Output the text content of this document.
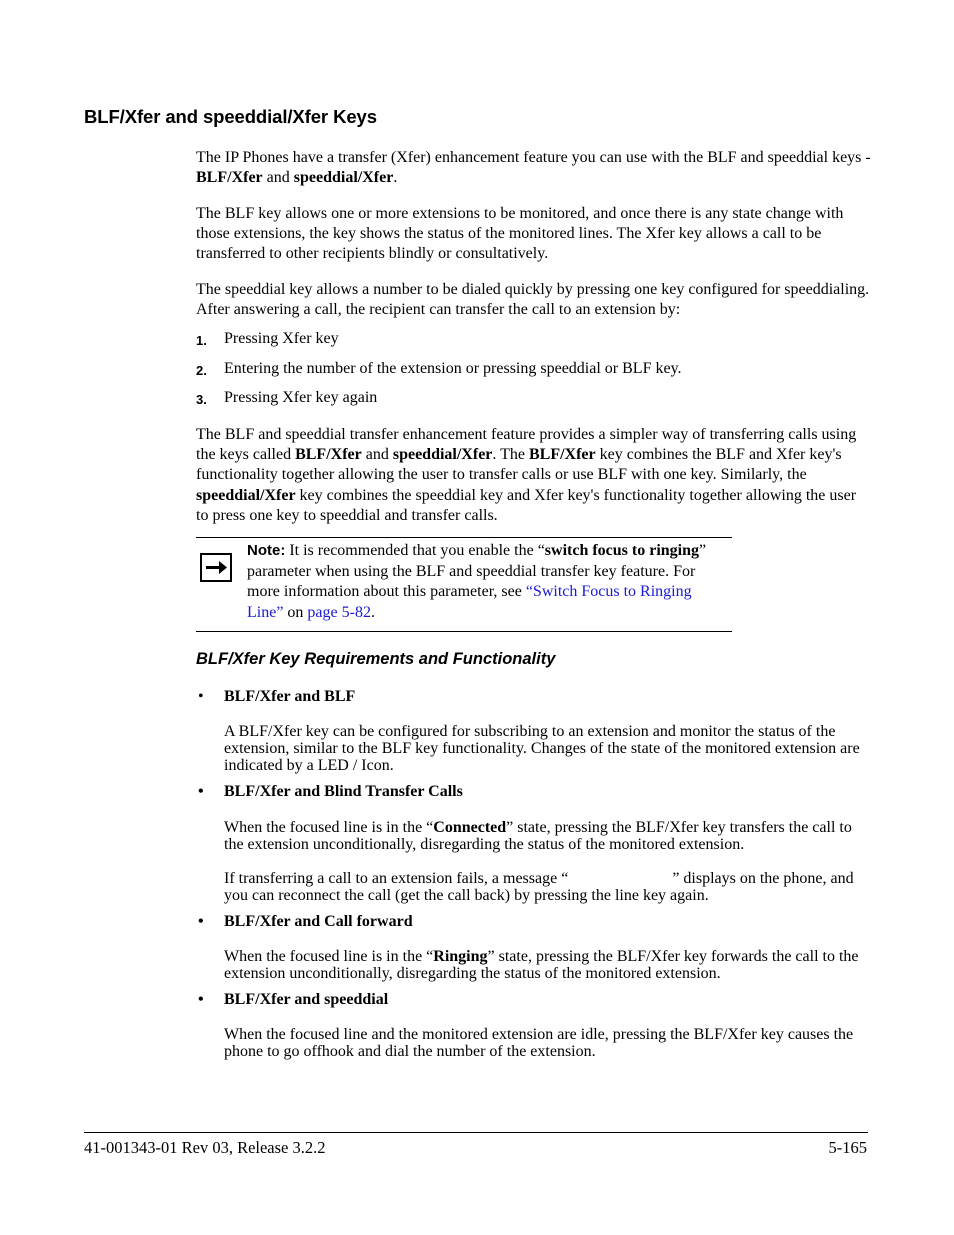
BLF/Xfer and speeddial/Xfer Keys
The IP Phones have a transfer (Xfer) enhancement feature you can use with the BLF and speeddial keys - BLF/Xfer and speeddial/Xfer.
The BLF key allows one or more extensions to be monitored, and once there is any state change with those extensions, the key shows the status of the monitored lines. The Xfer key allows a call to be transferred to other recipients blindly or consultatively.
The speeddial key allows a number to be dialed quickly by pressing one key configured for speeddialing. After answering a call, the recipient can transfer the call to an extension by:
1.	Pressing Xfer key
2.	Entering the number of the extension or pressing speeddial or BLF key.
3.	Pressing Xfer key again
The BLF and speeddial transfer enhancement feature provides a simpler way of transferring calls using the keys called BLF/Xfer and speeddial/Xfer. The BLF/Xfer key combines the BLF and Xfer key's functionality together allowing the user to transfer calls or use BLF with one key. Similarly, the speeddial/Xfer key combines the speeddial key and Xfer key's functionality together allowing the user to press one key to speeddial and transfer calls.
Note: It is recommended that you enable the “switch focus to ringing” parameter when using the BLF and speeddial transfer key feature. For more information about this parameter, see “Switch Focus to Ringing Line” on page 5-82.
BLF/Xfer Key Requirements and Functionality
•	BLF/Xfer and BLF
A BLF/Xfer key can be configured for subscribing to an extension and monitor the status of the extension, similar to the BLF key functionality. Changes of the state of the monitored extension are indicated by a LED / Icon.
•	BLF/Xfer and Blind Transfer Calls
When the focused line is in the “Connected” state, pressing the BLF/Xfer key transfers the call to the extension unconditionally, disregarding the status of the monitored extension.
If transferring a call to an extension fails, a message “	” displays on the phone, and you can reconnect the call (get the call back) by pressing the line key again.
•	BLF/Xfer and Call forward
When the focused line is in the “Ringing” state, pressing the BLF/Xfer key forwards the call to the extension unconditionally, disregarding the status of the monitored extension.
•	BLF/Xfer and speeddial
When the focused line and the monitored extension are idle, pressing the BLF/Xfer key causes the phone to go offhook and dial the number of the extension.
41-001343-01 Rev 03, Release 3.2.2	5-165
